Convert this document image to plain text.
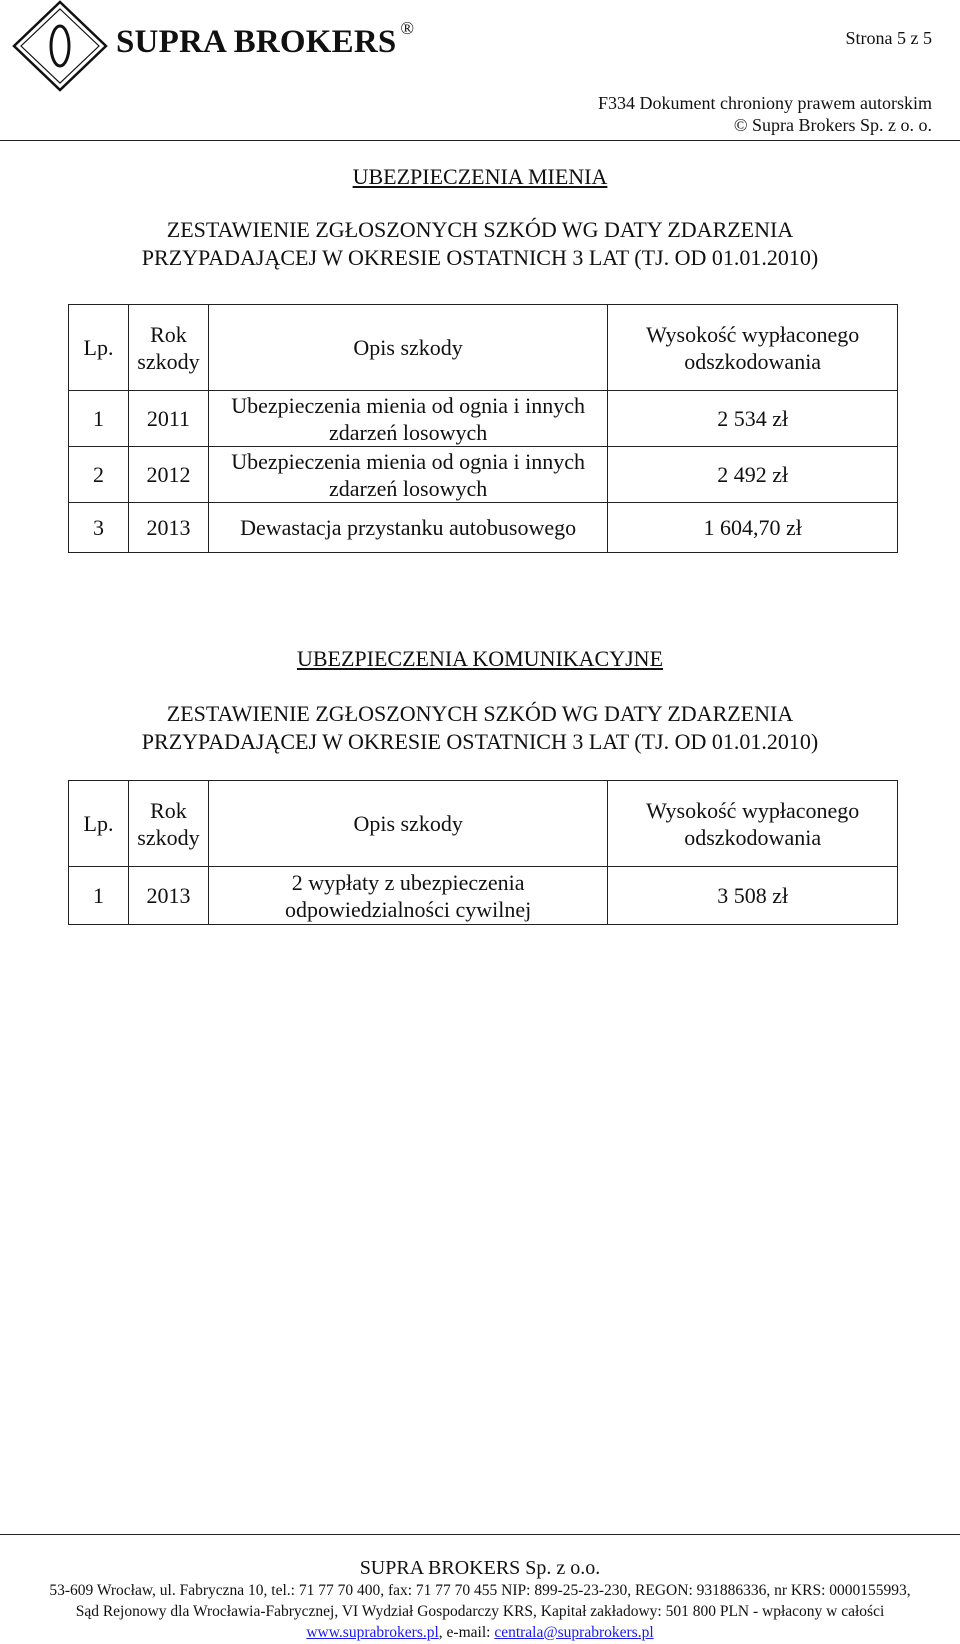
SUPRA BROKERS ®	Strona 5 z 5
F334 Dokument chroniony prawem autorskim
© Supra Brokers Sp. z o. o.
UBEZPIECZENIA MIENIA
ZESTAWIENIE ZGŁOSZONYCH SZKÓD WG DATY ZDARZENIA
PRZYPADAJĄCEJ W OKRESIE OSTATNICH 3 LAT (TJ. OD 01.01.2010)
Lp.	Rok szkody	Opis szkody	Wysokość wypłaconego odszkodowania
1	2011	Ubezpieczenia mienia od ognia i innych zdarzeń losowych	2 534 zł
2	2012	Ubezpieczenia mienia od ognia i innych zdarzeń losowych	2 492 zł
3	2013	Dewastacja przystanku autobusowego	1 604,70 zł
UBEZPIECZENIA KOMUNIKACYJNE
ZESTAWIENIE ZGŁOSZONYCH SZKÓD WG DATY ZDARZENIA
PRZYPADAJĄCEJ W OKRESIE OSTATNICH 3 LAT (TJ. OD 01.01.2010)
Lp.	Rok szkody	Opis szkody	Wysokość wypłaconego odszkodowania
1	2013	2 wypłaty z ubezpieczenia odpowiedzialności cywilnej	3 508 zł
SUPRA BROKERS Sp. z o.o.
53-609 Wrocław, ul. Fabryczna 10, tel.: 71 77 70 400, fax: 71 77 70 455 NIP: 899-25-23-230, REGON: 931886336, nr KRS: 0000155993,
Sąd Rejonowy dla Wrocławia-Fabrycznej, VI Wydział Gospodarczy KRS, Kapitał zakładowy: 501 800 PLN - wpłacony w całości
www.suprabrokers.pl, e-mail: centrala@suprabrokers.pl
